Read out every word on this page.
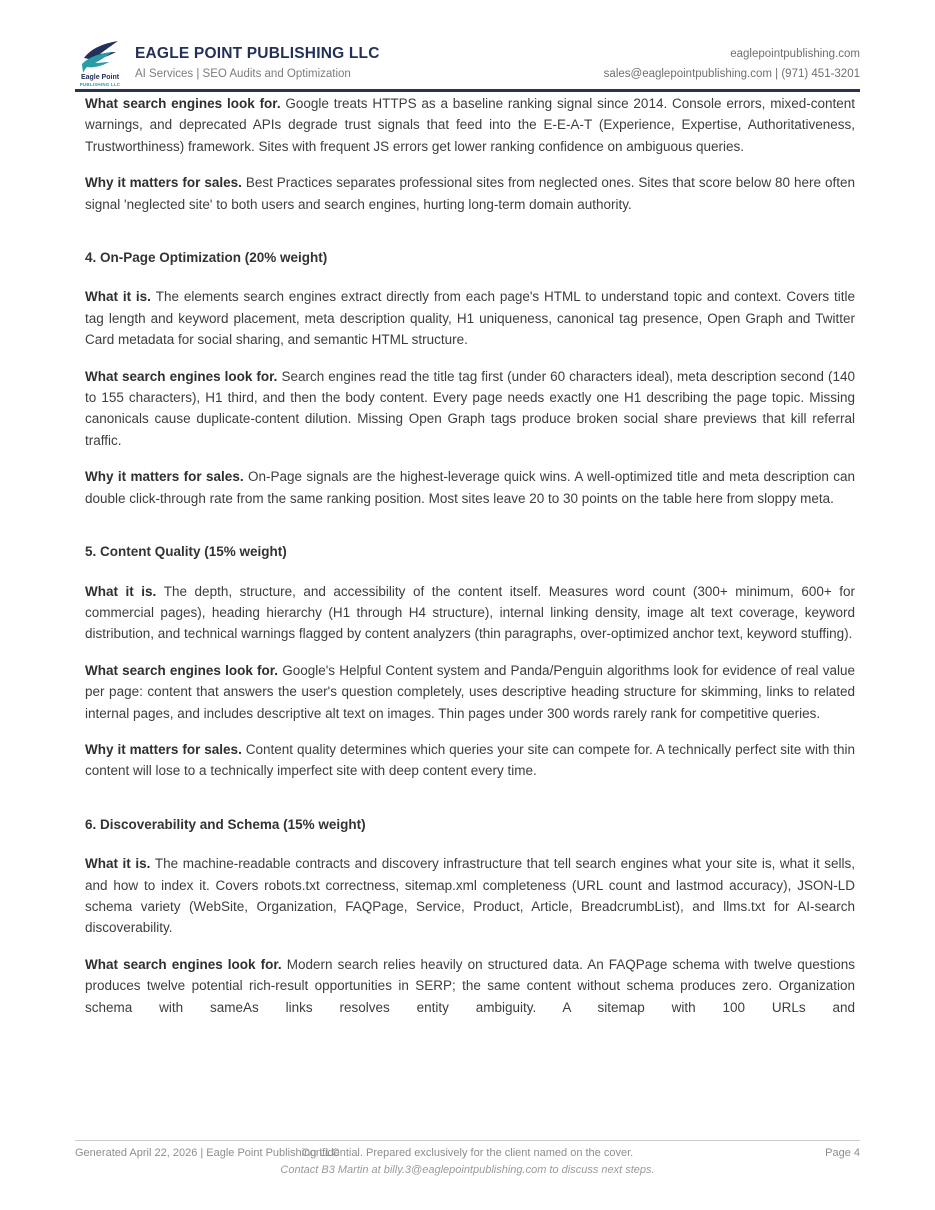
Eagle Point
PUBLISHING LLC
EAGLE POINT PUBLISHING LLC
AI Services | SEO Audits and Optimization
eaglepointpublishing.com
sales@eaglepointpublishing.com | (971) 451-3201

What search engines look for. Google treats HTTPS as a baseline ranking signal since 2014. Console errors, mixed-content warnings, and deprecated APIs degrade trust signals that feed into the E-E-A-T (Experience, Expertise, Authoritativeness, Trustworthiness) framework. Sites with frequent JS errors get lower ranking confidence on ambiguous queries.

Why it matters for sales. Best Practices separates professional sites from neglected ones. Sites that score below 80 here often signal 'neglected site' to both users and search engines, hurting long-term domain authority.

4. On-Page Optimization (20% weight)

What it is. The elements search engines extract directly from each page's HTML to understand topic and context. Covers title tag length and keyword placement, meta description quality, H1 uniqueness, canonical tag presence, Open Graph and Twitter Card metadata for social sharing, and semantic HTML structure.

What search engines look for. Search engines read the title tag first (under 60 characters ideal), meta description second (140 to 155 characters), H1 third, and then the body content. Every page needs exactly one H1 describing the page topic. Missing canonicals cause duplicate-content dilution. Missing Open Graph tags produce broken social share previews that kill referral traffic.

Why it matters for sales. On-Page signals are the highest-leverage quick wins. A well-optimized title and meta description can double click-through rate from the same ranking position. Most sites leave 20 to 30 points on the table here from sloppy meta.

5. Content Quality (15% weight)

What it is. The depth, structure, and accessibility of the content itself. Measures word count (300+ minimum, 600+ for commercial pages), heading hierarchy (H1 through H4 structure), internal linking density, image alt text coverage, keyword distribution, and technical warnings flagged by content analyzers (thin paragraphs, over-optimized anchor text, keyword stuffing).

What search engines look for. Google's Helpful Content system and Panda/Penguin algorithms look for evidence of real value per page: content that answers the user's question completely, uses descriptive heading structure for skimming, links to related internal pages, and includes descriptive alt text on images. Thin pages under 300 words rarely rank for competitive queries.

Why it matters for sales. Content quality determines which queries your site can compete for. A technically perfect site with thin content will lose to a technically imperfect site with deep content every time.

6. Discoverability and Schema (15% weight)

What it is. The machine-readable contracts and discovery infrastructure that tell search engines what your site is, what it sells, and how to index it. Covers robots.txt correctness, sitemap.xml completeness (URL count and lastmod accuracy), JSON-LD schema variety (WebSite, Organization, FAQPage, Service, Product, Article, BreadcrumbList), and llms.txt for AI-search discoverability.

What search engines look for. Modern search relies heavily on structured data. An FAQPage schema with twelve questions produces twelve potential rich-result opportunities in SERP; the same content without schema produces zero. Organization schema with sameAs links resolves entity ambiguity. A sitemap with 100 URLs and

Generated April 22, 2026 | Eagle Point Publishing LLC
Confidential. Prepared exclusively for the client named on the cover.	Page 4
Contact B3 Martin at billy.3@eaglepointpublishing.com to discuss next steps.
